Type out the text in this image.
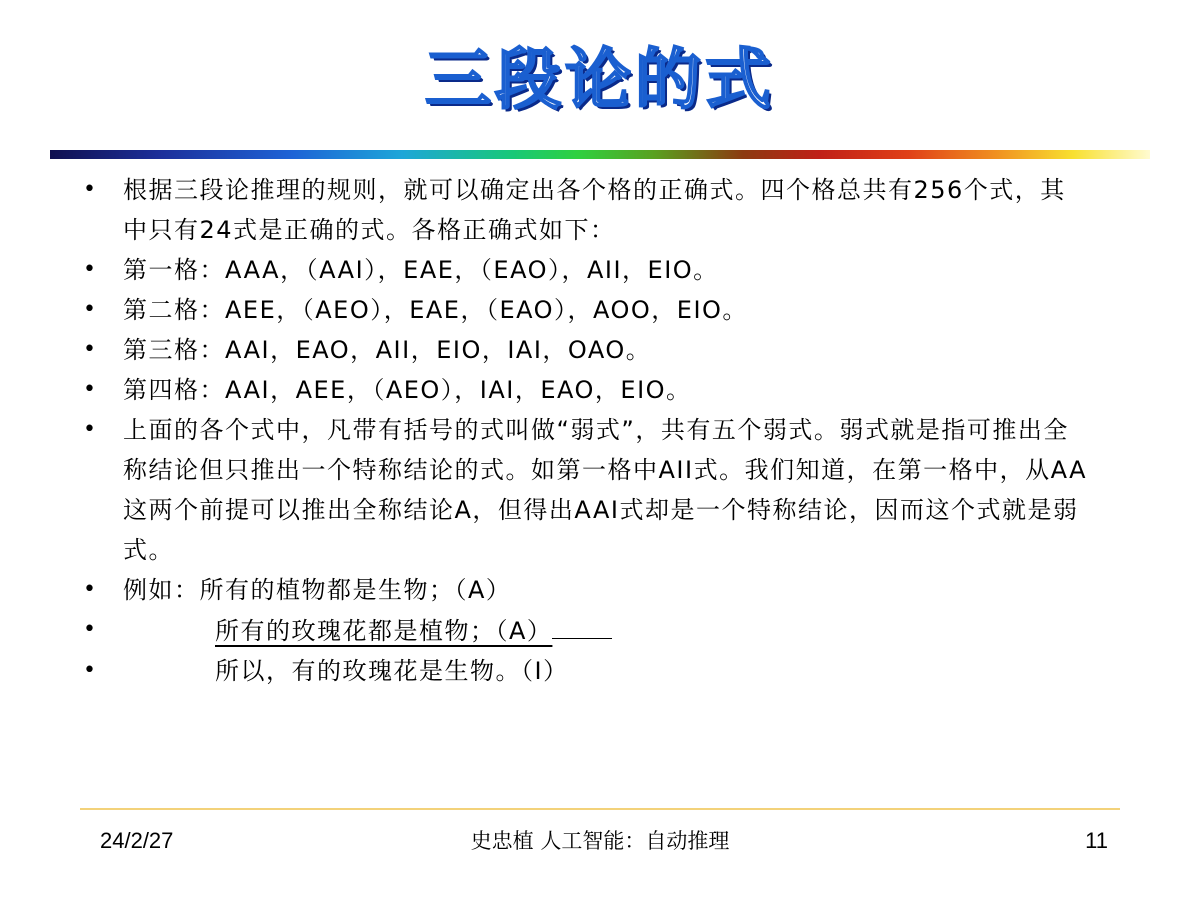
三段论的式
• 根据三段论推理的规则，就可以确定出各个格的正确式。四个格总共有256个式，其中只有24式是正确的式。各格正确式如下：
• 第一格：AAA，（AAI），EAE，（EAO），AII，EIO。
• 第二格：AEE，（AEO），EAE，（EAO），AOO，EIO。
• 第三格：AAI，EAO，AII，EIO，IAI，OAO。
• 第四格：AAI，AEE，（AEO），IAI，EAO，EIO。
• 上面的各个式中，凡带有括号的式叫做“弱式”，共有五个弱式。弱式就是指可推出全称结论但只推出一个特称结论的式。如第一格中AII式。我们知道，在第一格中，从AA这两个前提可以推出全称结论A，但得出AAI式却是一个特称结论，因而这个式就是弱式。
• 例如：所有的植物都是生物；（A）
• 所有的玫瑰花都是植物；（A）
• 所以，有的玫瑰花是生物。（I）
24/2/27	史忠植 人工智能：自动推理	11
